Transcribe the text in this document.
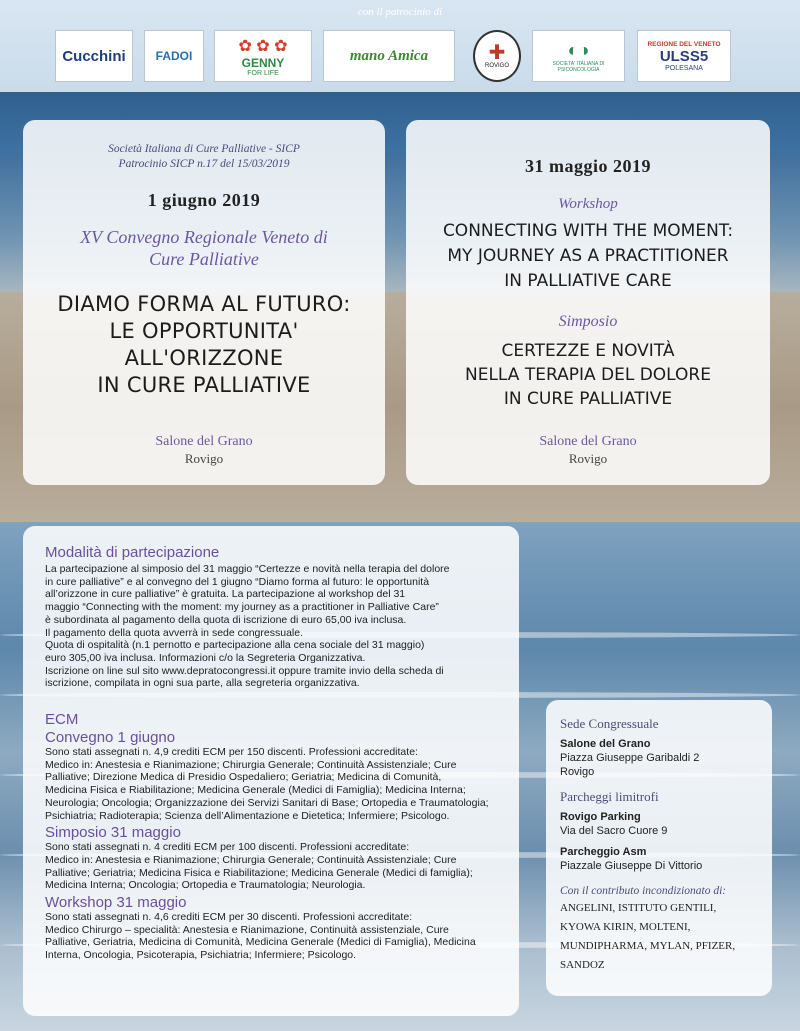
con il patrocinio di
Cucchini FADOI
✿ ✿ ✿
GENNY
FOR LIFE
mano Amica	✚
ROVIGO
◐◑
SOCIETA' ITALIANA DI PSICONCOLOGIA
REGIONE DEL VENETO
ULSS5
POLESANA
Società Italiana di Cure Palliative - SICP
Patrocinio SICP n.17 del 15/03/2019
1 giugno 2019
XV Convegno Regionale Veneto di
Cure Palliative
DIAMO FORMA AL FUTURO:
LE OPPORTUNITA'
ALL'ORIZZONE
IN CURE PALLIATIVE
Salone del Grano
Rovigo
31 maggio 2019
Workshop
CONNECTING WITH THE MOMENT:
MY JOURNEY AS A PRACTITIONER
IN PALLIATIVE CARE
Simposio
CERTEZZE E NOVITÀ
NELLA TERAPIA DEL DOLORE
IN CURE PALLIATIVE
Salone del Grano
Rovigo
Modalità di partecipazione
La partecipazione al simposio del 31 maggio “Certezze e novità nella terapia del dolore
in cure palliative” e al convegno del 1 giugno “Diamo forma al futuro: le opportunità
all’orizzone in cure palliative” è gratuita. La partecipazione al workshop del 31
maggio “Connecting with the moment: my journey as a practitioner in Palliative Care”
è subordinata al pagamento della quota di iscrizione di euro 65,00 iva inclusa.
Il pagamento della quota avverrà in sede congressuale.
Quota di ospitalità (n.1 pernotto e partecipazione alla cena sociale del 31 maggio)
euro 305,00 iva inclusa. Informazioni c/o la Segreteria Organizzativa.
Iscrizione on line sul sito www.depratocongressi.it oppure tramite invio della scheda di
iscrizione, compilata in ogni sua parte, alla segreteria organizzativa.
ECM
Convegno 1 giugno
Sono stati assegnati n. 4,9 crediti ECM per 150 discenti. Professioni accreditate:
Medico in: Anestesia e Rianimazione; Chirurgia Generale; Continuità Assistenziale; Cure
Palliative; Direzione Medica di Presidio Ospedaliero; Geriatria; Medicina di Comunità,
Medicina Fisica e Riabilitazione; Medicina Generale (Medici di Famiglia); Medicina Interna;
Neurologia; Oncologia; Organizzazione dei Servizi Sanitari di Base; Ortopedia e Traumatologia;
Psichiatria; Radioterapia; Scienza dell’Alimentazione e Dietetica; Infermiere; Psicologo.
Simposio 31 maggio
Sono stati assegnati n. 4 crediti ECM per 100 discenti. Professioni accreditate:
Medico in: Anestesia e Rianimazione; Chirurgia Generale; Continuità Assistenziale; Cure
Palliative; Geriatria; Medicina Fisica e Riabilitazione; Medicina Generale (Medici di famiglia);
Medicina Interna; Oncologia; Ortopedia e Traumatologia; Neurologia.
Workshop 31 maggio
Sono stati assegnati n. 4,6 crediti ECM per 30 discenti. Professioni accreditate:
Medico Chirurgo – specialità: Anestesia e Rianimazione, Continuità assistenziale, Cure
Palliative, Geriatria, Medicina di Comunità, Medicina Generale (Medici di Famiglia), Medicina
Interna, Oncologia, Psicoterapia, Psichiatria; Infermiere; Psicologo.
Sede Congressuale
Salone del Grano
Piazza Giuseppe Garibaldi 2
Rovigo
Parcheggi limitrofi
Rovigo Parking
Via del Sacro Cuore 9
Parcheggio Asm
Piazzale Giuseppe Di Vittorio
Con il contributo incondizionato di:
ANGELINI, ISTITUTO GENTILI,
KYOWA KIRIN, MOLTENI,
MUNDIPHARMA, MYLAN, PFIZER,
SANDOZ
